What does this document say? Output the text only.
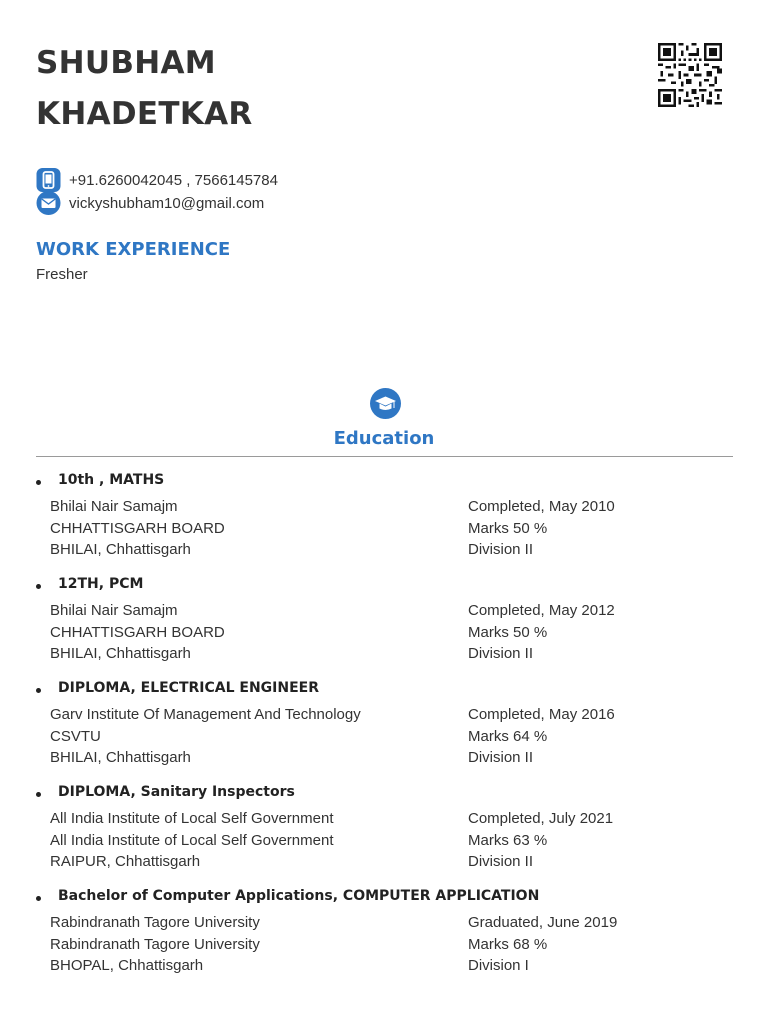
SHUBHAM
KHADETKAR
+91.6260042045 , 7566145784
vickyshubham10@gmail.com
WORK EXPERIENCE
Fresher
Education
10th , MATHS
Bhilai Nair Samajm	Completed, May 2010
CHHATTISGARH BOARD	Marks 50 %
BHILAI, Chhattisgarh	Division II
12TH, PCM
Bhilai Nair Samajm	Completed, May 2012
CHHATTISGARH BOARD	Marks 50 %
BHILAI, Chhattisgarh	Division II
DIPLOMA, ELECTRICAL ENGINEER
Garv Institute Of Management And Technology	Completed, May 2016
CSVTU	Marks 64 %
BHILAI, Chhattisgarh	Division II
DIPLOMA, Sanitary Inspectors
All India Institute of Local Self Government	Completed, July 2021
All India Institute of Local Self Government	Marks 63 %
RAIPUR, Chhattisgarh	Division II
Bachelor of Computer Applications, COMPUTER APPLICATION
Rabindranath Tagore University	Graduated, June 2019
Rabindranath Tagore University	Marks 68 %
BHOPAL, Chhattisgarh	Division I
